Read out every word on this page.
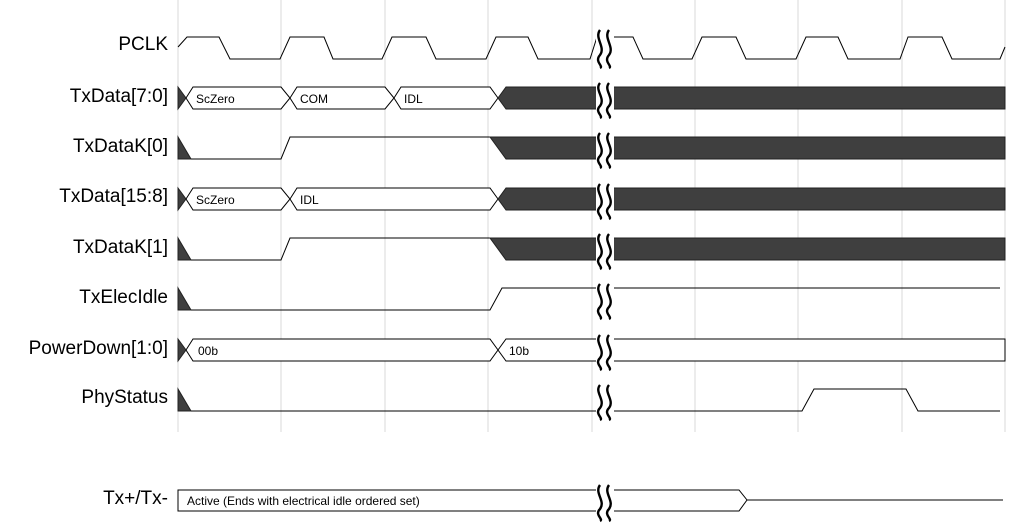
PCLK
TxData[7:0]
TxDataK[0]
TxData[15:8]
TxDataK[1]
TxElecIdle
PowerDown[1:0]
PhyStatus
Tx+/Tx-
ScZero	COM	IDL
ScZero	IDL
00b	10b
Active (Ends with electrical idle ordered set)
